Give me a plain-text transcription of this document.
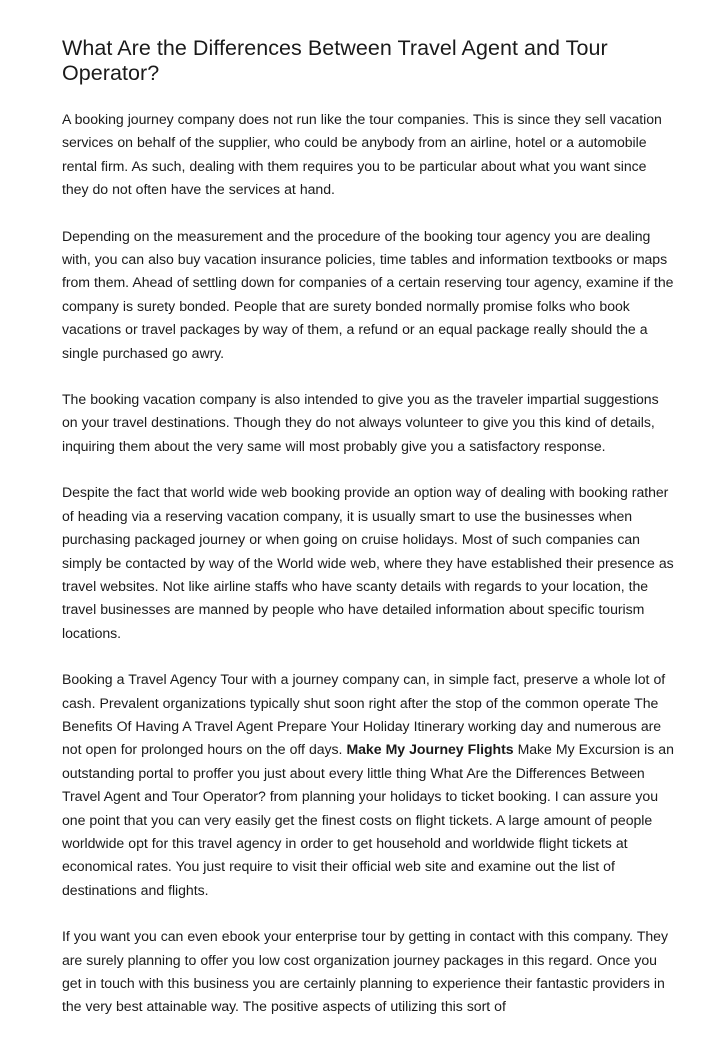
What Are the Differences Between Travel Agent and Tour Operator?

A booking journey company does not run like the tour companies. This is since they sell vacation services on behalf of the supplier, who could be anybody from an airline, hotel or a automobile rental firm. As such, dealing with them requires you to be particular about what you want since they do not often have the services at hand.

Depending on the measurement and the procedure of the booking tour agency you are dealing with, you can also buy vacation insurance policies, time tables and information textbooks or maps from them. Ahead of settling down for companies of a certain reserving tour agency, examine if the company is surety bonded. People that are surety bonded normally promise folks who book vacations or travel packages by way of them, a refund or an equal package really should the a single purchased go awry.

The booking vacation company is also intended to give you as the traveler impartial suggestions on your travel destinations. Though they do not always volunteer to give you this kind of details, inquiring them about the very same will most probably give you a satisfactory response.

Despite the fact that world wide web booking provide an option way of dealing with booking rather of heading via a reserving vacation company, it is usually smart to use the businesses when purchasing packaged journey or when going on cruise holidays. Most of such companies can simply be contacted by way of the World wide web, where they have established their presence as travel websites. Not like airline staffs who have scanty details with regards to your location, the travel businesses are manned by people who have detailed information about specific tourism locations.

Booking a Travel Agency Tour with a journey company can, in simple fact, preserve a whole lot of cash. Prevalent organizations typically shut soon right after the stop of the common operate The Benefits Of Having A Travel Agent Prepare Your Holiday Itinerary working day and numerous are not open for prolonged hours on the off days. Make My Journey Flights Make My Excursion is an outstanding portal to proffer you just about every little thing What Are the Differences Between Travel Agent and Tour Operator? from planning your holidays to ticket booking. I can assure you one point that you can very easily get the finest costs on flight tickets. A large amount of people worldwide opt for this travel agency in order to get household and worldwide flight tickets at economical rates. You just require to visit their official web site and examine out the list of destinations and flights.

If you want you can even ebook your enterprise tour by getting in contact with this company. They are surely planning to offer you low cost organization journey packages in this regard. Once you get in touch with this business you are certainly planning to experience their fantastic providers in the very best attainable way. The positive aspects of utilizing this sort of
